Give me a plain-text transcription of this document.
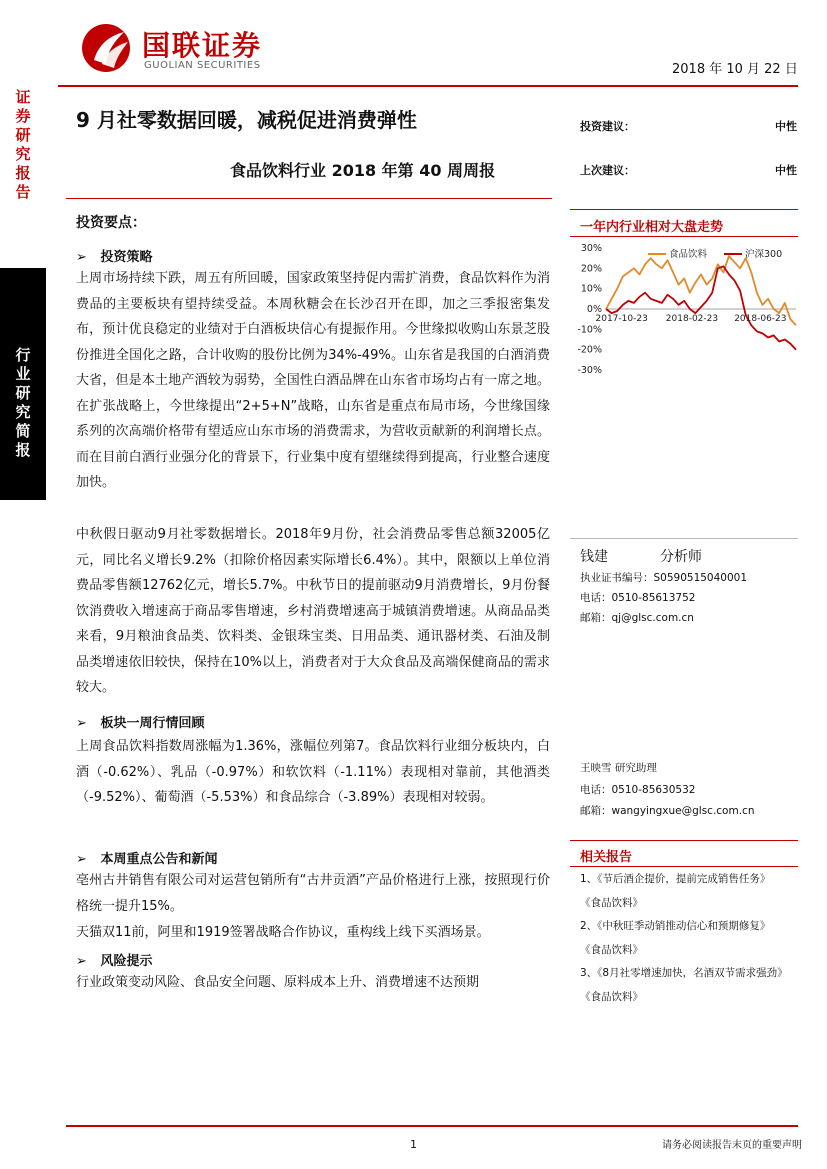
国联证券
GUOLIAN SECURITIES	2018 年 10 月 22 日
证券研究报告
行业研究简报
9 月社零数据回暖，减税促进消费弹性
食品饮料行业 2018 年第 40 周周报
投资建议：	中性
上次建议：	中性
投资要点：
➢ 投资策略
上周市场持续下跌，周五有所回暖，国家政策坚持促内需扩消费，食品饮料作为消费品的主要板块有望持续受益。本周秋糖会在长沙召开在即，加之三季报密集发布，预计优良稳定的业绩对于白酒板块信心有提振作用。今世缘拟收购山东景芝股份推进全国化之路，合计收购的股份比例为34%-49%。山东省是我国的白酒消费大省，但是本土地产酒较为弱势，全国性白酒品牌在山东省市场均占有一席之地。在扩张战略上，今世缘提出“2+5+N”战略，山东省是重点布局市场，今世缘国缘系列的次高端价格带有望适应山东市场的消费需求，为营收贡献新的利润增长点。而在目前白酒行业强分化的背景下，行业集中度有望继续得到提高，行业整合速度加快。
中秋假日驱动9月社零数据增长。2018年9月份，社会消费品零售总额32005亿元，同比名义增长9.2%（扣除价格因素实际增长6.4%）。其中，限额以上单位消费品零售额12762亿元，增长5.7%。中秋节日的提前驱动9月消费增长，9月份餐饮消费收入增速高于商品零售增速，乡村消费增速高于城镇消费增速。从商品品类来看，9月粮油食品类、饮料类、金银珠宝类、日用品类、通讯器材类、石油及制品类增速依旧较快，保持在10%以上，消费者对于大众食品及高端保健商品的需求较大。
➢ 板块一周行情回顾
上周食品饮料指数周涨幅为1.36%，涨幅位列第7。食品饮料行业细分板块内，白酒（-0.62%）、乳品（-0.97%）和软饮料（-1.11%）表现相对靠前，其他酒类（-9.52%）、葡萄酒（-5.53%）和食品综合（-3.89%）表现相对较弱。
➢ 本周重点公告和新闻
亳州古井销售有限公司对运营包销所有“古井贡酒”产品价格进行上涨，按照现行价格统一提升15%。
天猫双11前，阿里和1919签署战略合作协议，重构线上线下买酒场景。
➢ 风险提示
行业政策变动风险、食品安全问题、原料成本上升、消费增速不达预期
一年内行业相对大盘走势
30%
20%
10%
0%
-10%
-20%
-30%
2017-10-23 2018-02-23 2018-06-23
食品饮料	沪深300
钱建	分析师
执业证书编号：S0590515040001
电话：0510-85613752
邮箱：qj@glsc.com.cn
王映雪 研究助理
电话：0510-85630532
邮箱：wangyingxue@glsc.com.cn
相关报告
1、《节后酒企提价，提前完成销售任务》
《食品饮料》
2、《中秋旺季动销推动信心和预期修复》
《食品饮料》
3、《8月社零增速加快，名酒双节需求强劲》
《食品饮料》
1	请务必阅读报告末页的重要声明
